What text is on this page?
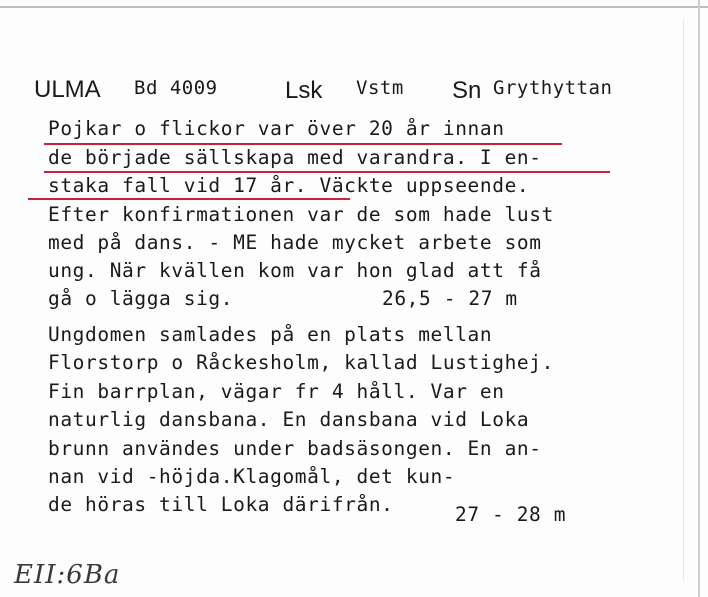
ULMA Bd 4009	Lsk Vstm Sn Grythyttan
Pojkar o flickor var över 20 år innan
de började sällskapa med varandra. I en-
staka fall vid 17 år. Väckte uppseende.
Efter konfirmationen var de som hade lust
med på dans. - ME hade mycket arbete som
ung. När kvällen kom var hon glad att få
gå o lägga sig.	26,5 - 27 m
Ungdomen samlades på en plats mellan
Florstorp o Råckesholm, kallad Lustighej.
Fin barrplan, vägar fr 4 håll. Var en
naturlig dansbana. En dansbana vid Loka
brunn användes under badsäsongen. En an-
nan vid -höjda.Klagomål, det kun-
de höras till Loka därifrån.	27 - 28 m
EII:6Ba
